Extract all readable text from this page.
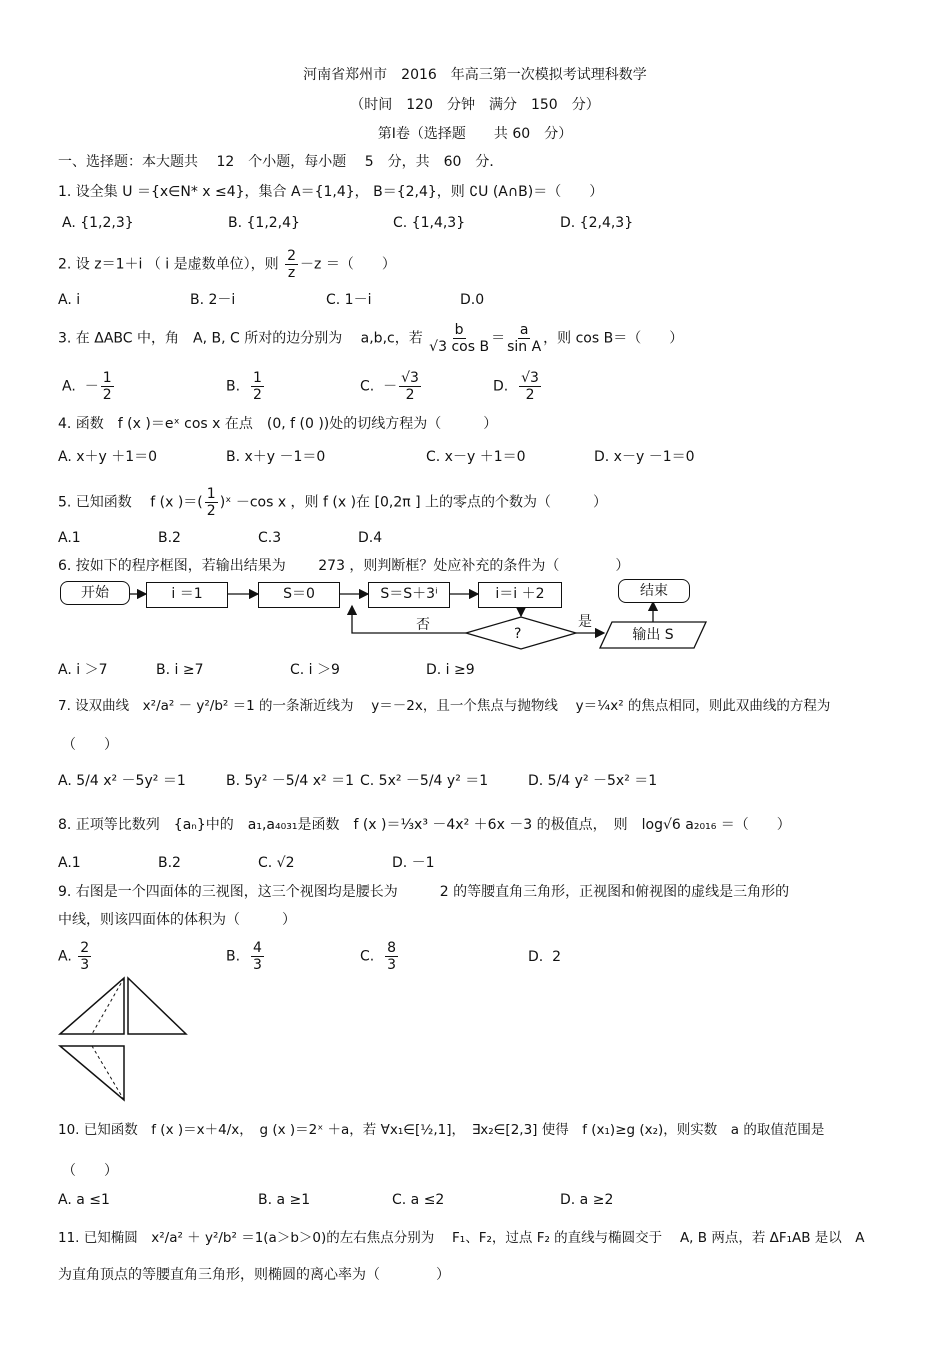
河南省郑州市　2016　年高三第一次模拟考试理科数学
（时间　120　分钟　满分　150　分）
第Ⅰ卷（选择题　　共 60　分）
一、选择题：本大题共　 12　个小题，每小题　 5　分，共　60　分．
1. 设全集 U ＝{x∈N* x ≤4}，集合 A＝{1,4}， B＝{2,4}，则 ∁U (A∩B)＝（　　）
A. {1,2,3}	B. {1,2,4}	C. {1,4,3}	D. {2,4,3}
2. 设 z＝1＋i （ i 是虚数单位），则 $\frac{2}{z} -z$ ＝（　　）
A. i	B. 2－i	C. 1－i	D.0
3. 在 ΔABC 中，角　A, B, C 所对的边分别为　 a,b,c，若 $\frac{b}{\text{√3 cos B}} = \frac{a}{\text{sin A}}$ ，则 cos B＝（　　）
A. － $\frac{1}{2}$	B. $\frac{1}{2}$	C. － $\frac{√3}{2}$	D. $\frac{√3}{2}$
4. 函数　f (x )＝eˣ cos x 在点　(0, f (0 ))处的切线方程为（　　　）
A. x＋y ＋1＝0	B. x＋y －1＝0	C. x－y ＋1＝0	D. x－y －1＝0
5. 已知函数　 f (x )＝( $\frac{1}{2}$ )ˣ －cos x ，则 f (x )在 [0,2π ] 上的零点的个数为（　　　）
A.1	B.2	C.3	D.4
6. 按如下的程序框图，若输出结果为　　 273 ，则判断框？处应补充的条件为（　　　　）
开始	i ＝1	S＝0	S＝S＋3ⁱ	i＝i ＋2	结束
输出 S
?
是
否
A. i ＞7	B. i ≥7	C. i ＞9	D. i ≥9
7. 设双曲线　x²/a² － y²/b² ＝1 的一条渐近线为　 y＝－2x，且一个焦点与抛物线　 y＝¼x² 的焦点相同，则此双曲线的方程为
（　　）
A. 5/4 x² －5y² ＝1	B. 5y² －5/4 x² ＝1 C. 5x² －5/4 y² ＝1	D. 5/4 y² －5x² ＝1
8. 正项等比数列　{aₙ}中的　a₁,a₄₀₃₁是函数　f (x )＝⅓x³ －4x² ＋6x －3 的极值点，　则　log√6 a₂₀₁₆ ＝（　　）
A.1	B.2	C. √2	D. －1
9. 右图是一个四面体的三视图，这三个视图均是腰长为　　　2 的等腰直角三角形，正视图和俯视图的虚线是三角形的
中线，则该四面体的体积为（　　　）
A. $\frac{2}{3}$	B. $\frac{4}{3}$	C. $\frac{8}{3}$	D. 2
10. 已知函数　f (x )＝x＋4/x，　g (x )＝2ˣ ＋a，若 ∀x₁∈[½,1]，　∃x₂∈[2,3] 使得　f (x₁)≥g (x₂)，则实数　a 的取值范围是
（　　）
A. a ≤1	B. a ≥1	C. a ≤2	D. a ≥2
11. 已知椭圆　x²/a² ＋ y²/b² ＝1(a＞b＞0)的左右焦点分别为　 F₁、F₂，过点 F₂ 的直线与椭圆交于　 A, B 两点，若 ΔF₁AB 是以　A
为直角顶点的等腰直角三角形，则椭圆的离心率为（　　　　）
